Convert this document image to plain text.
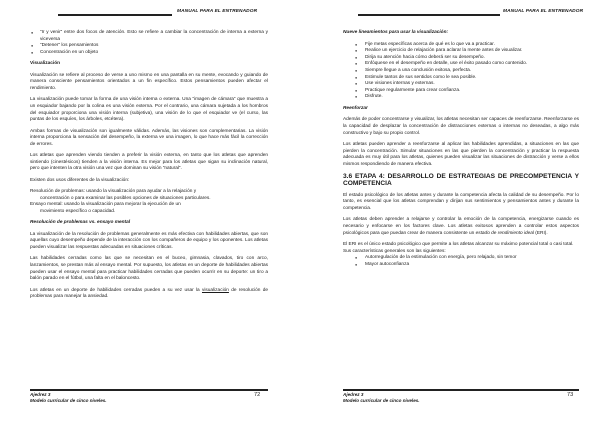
MANUAL PARA EL ENTRENADOR
● “Ir y venir” entre dos focos de atención. Esto se refiere a cambiar la concentración de interna a externa y viceversa
● “Detener” los pensamientos
● Concentración en un objeto
Visualización

Visualización se refiere al proceso de verse a uno mismo en una pantalla en su mente, evocando y guiando de manera consciente pensamientos orientados a un fin específico. Estos pensamientos pueden afectar el rendimiento.

La visualización puede tomar la forma de una visión interna o externa. Una “imagen de cámara” que muestra a un esquiador bajando por la colina es una visión externa. Por el contrario, una cámara sujetada a los hombros del esquiador proporciona una visión interna (subjetiva), una visión de lo que el esquiador ve (el curso, las puntas de los esquíes, los árboles, etcétera).

Ambas formas de visualización son igualmente válidas. Además, las visiones son complementarias. La visión interna proporciona la sensación del desempeño, la externa ve una imagen, lo que hace más fácil la corrección de errores.

Los atletas que aprenden viendo tienden a preferir la visión externa, en tanto que los atletas que aprenden sintiendo (cinestésicos) tienden a la visión interna. Es mejor para los atletas que sigan su inclinación natural, pero que intenten la otra visión una vez que dominan su visión “natural”.

Existen dos usos diferentes de la visualización:

Resolución de problemas: usando la visualización para ayudar a la relajación y
concentración o para examinar las posibles opciones de situaciones particulares.
Ensayo mental: usando la visualización para mejorar la ejecución de un
movimiento específico o capacidad.

Resolución de problemas vs. ensayo mental

La visualización de la resolución de problemas generalmente es más efectiva con habilidades abiertas, que son aquellas cuyo desempeño depende de la interacción con los compañeros de equipo y los oponentes. Los atletas pueden visualizar las respuestas adecuadas en situaciones críticas.

Las habilidades cerradas como las que se necesitan en el buceo, gimnasia, clavados, tiro con arco, lanzamientos, se prestan más al ensayo mental. Por supuesto, los atletas en un deporte de habilidades abiertas pueden usar el ensayo mental para practicar habilidades cerradas que pueden ocurrir en su deporte: un tiro a balón parado en el fútbol, una falta en el baloncesto.

Los atletas en un deporte de habilidades cerradas pueden a su vez usar la visualización de resolución de problemas para manejar la ansiedad.

Ajedrez 3
Modelo curricular de cinco niveles.
72
MANUAL PARA EL ENTRENADOR
Nueve lineamientos para usar la visualización:
● Fije metas específicas acerca de qué es lo que va a practicar.
● Realice un ejercicio de relajación para aclarar la mente antes de visualizar.
● Dirija su atención hacia cómo deberá ser su desempeño.
● Enfóquese en el desempeño en detalle, use el éxito pasado como contenido.
● Siempre llegue a una conclusión exitosa, perfecta.
● Estimule tantos de sus sentidos como le sea posible.
● Use visiones internas y externas.
● Practique regularmente para crear confianza.
● Disfrute.
Reenforzar

Además de poder concentrarse y visualizar, los atletas necesitan ser capaces de reenforzarse. Reenforzarse es la capacidad de desplazar la concentración de distracciones externas o internas no deseadas, a algo más constructivo y bajo su propio control.

Los atletas pueden aprender a reenforzarse al aplicar las habilidades aprendidas, a situaciones en las que pierden la concentración. Simular situaciones en las que pierden la concentración y practicar la respuesta adecuada es muy útil para los atletas, quienes pueden visualizar las situaciones de distracción y verse a ellos mismos respondiendo de manera efectiva.

3.6 ETAPA 4: DESARROLLO DE ESTRATEGIAS DE PRECOMPETENCIA Y COMPETENCIA

El estado psicológico de los atletas antes y durante la competencia afecta la calidad de su desempeño. Por lo tanto, es esencial que los atletas comprendan y dirijan sus sentimientos y pensamientos antes y durante la competencia.

Los atletas deben aprender a relajarse y controlar la emoción de la competencia, energizarse cuando es necesario y enfocarse en los factores clave. Los atletas exitosos aprenden a controlar estos aspectos psicológicos para que puedan crear de manera consistente un estado de rendimiento ideal (ERI).

El ERI es el único estado psicológico que permite a los atletas alcanzar su máximo potencial total o casi total.
Sus características generales son las siguientes:

● Autorregulación de la estimulación con energía, pero relajado, sin temor
● Mayor autoconfianza
Ajedrez 3
Modelo curricular de cinco niveles.
73
